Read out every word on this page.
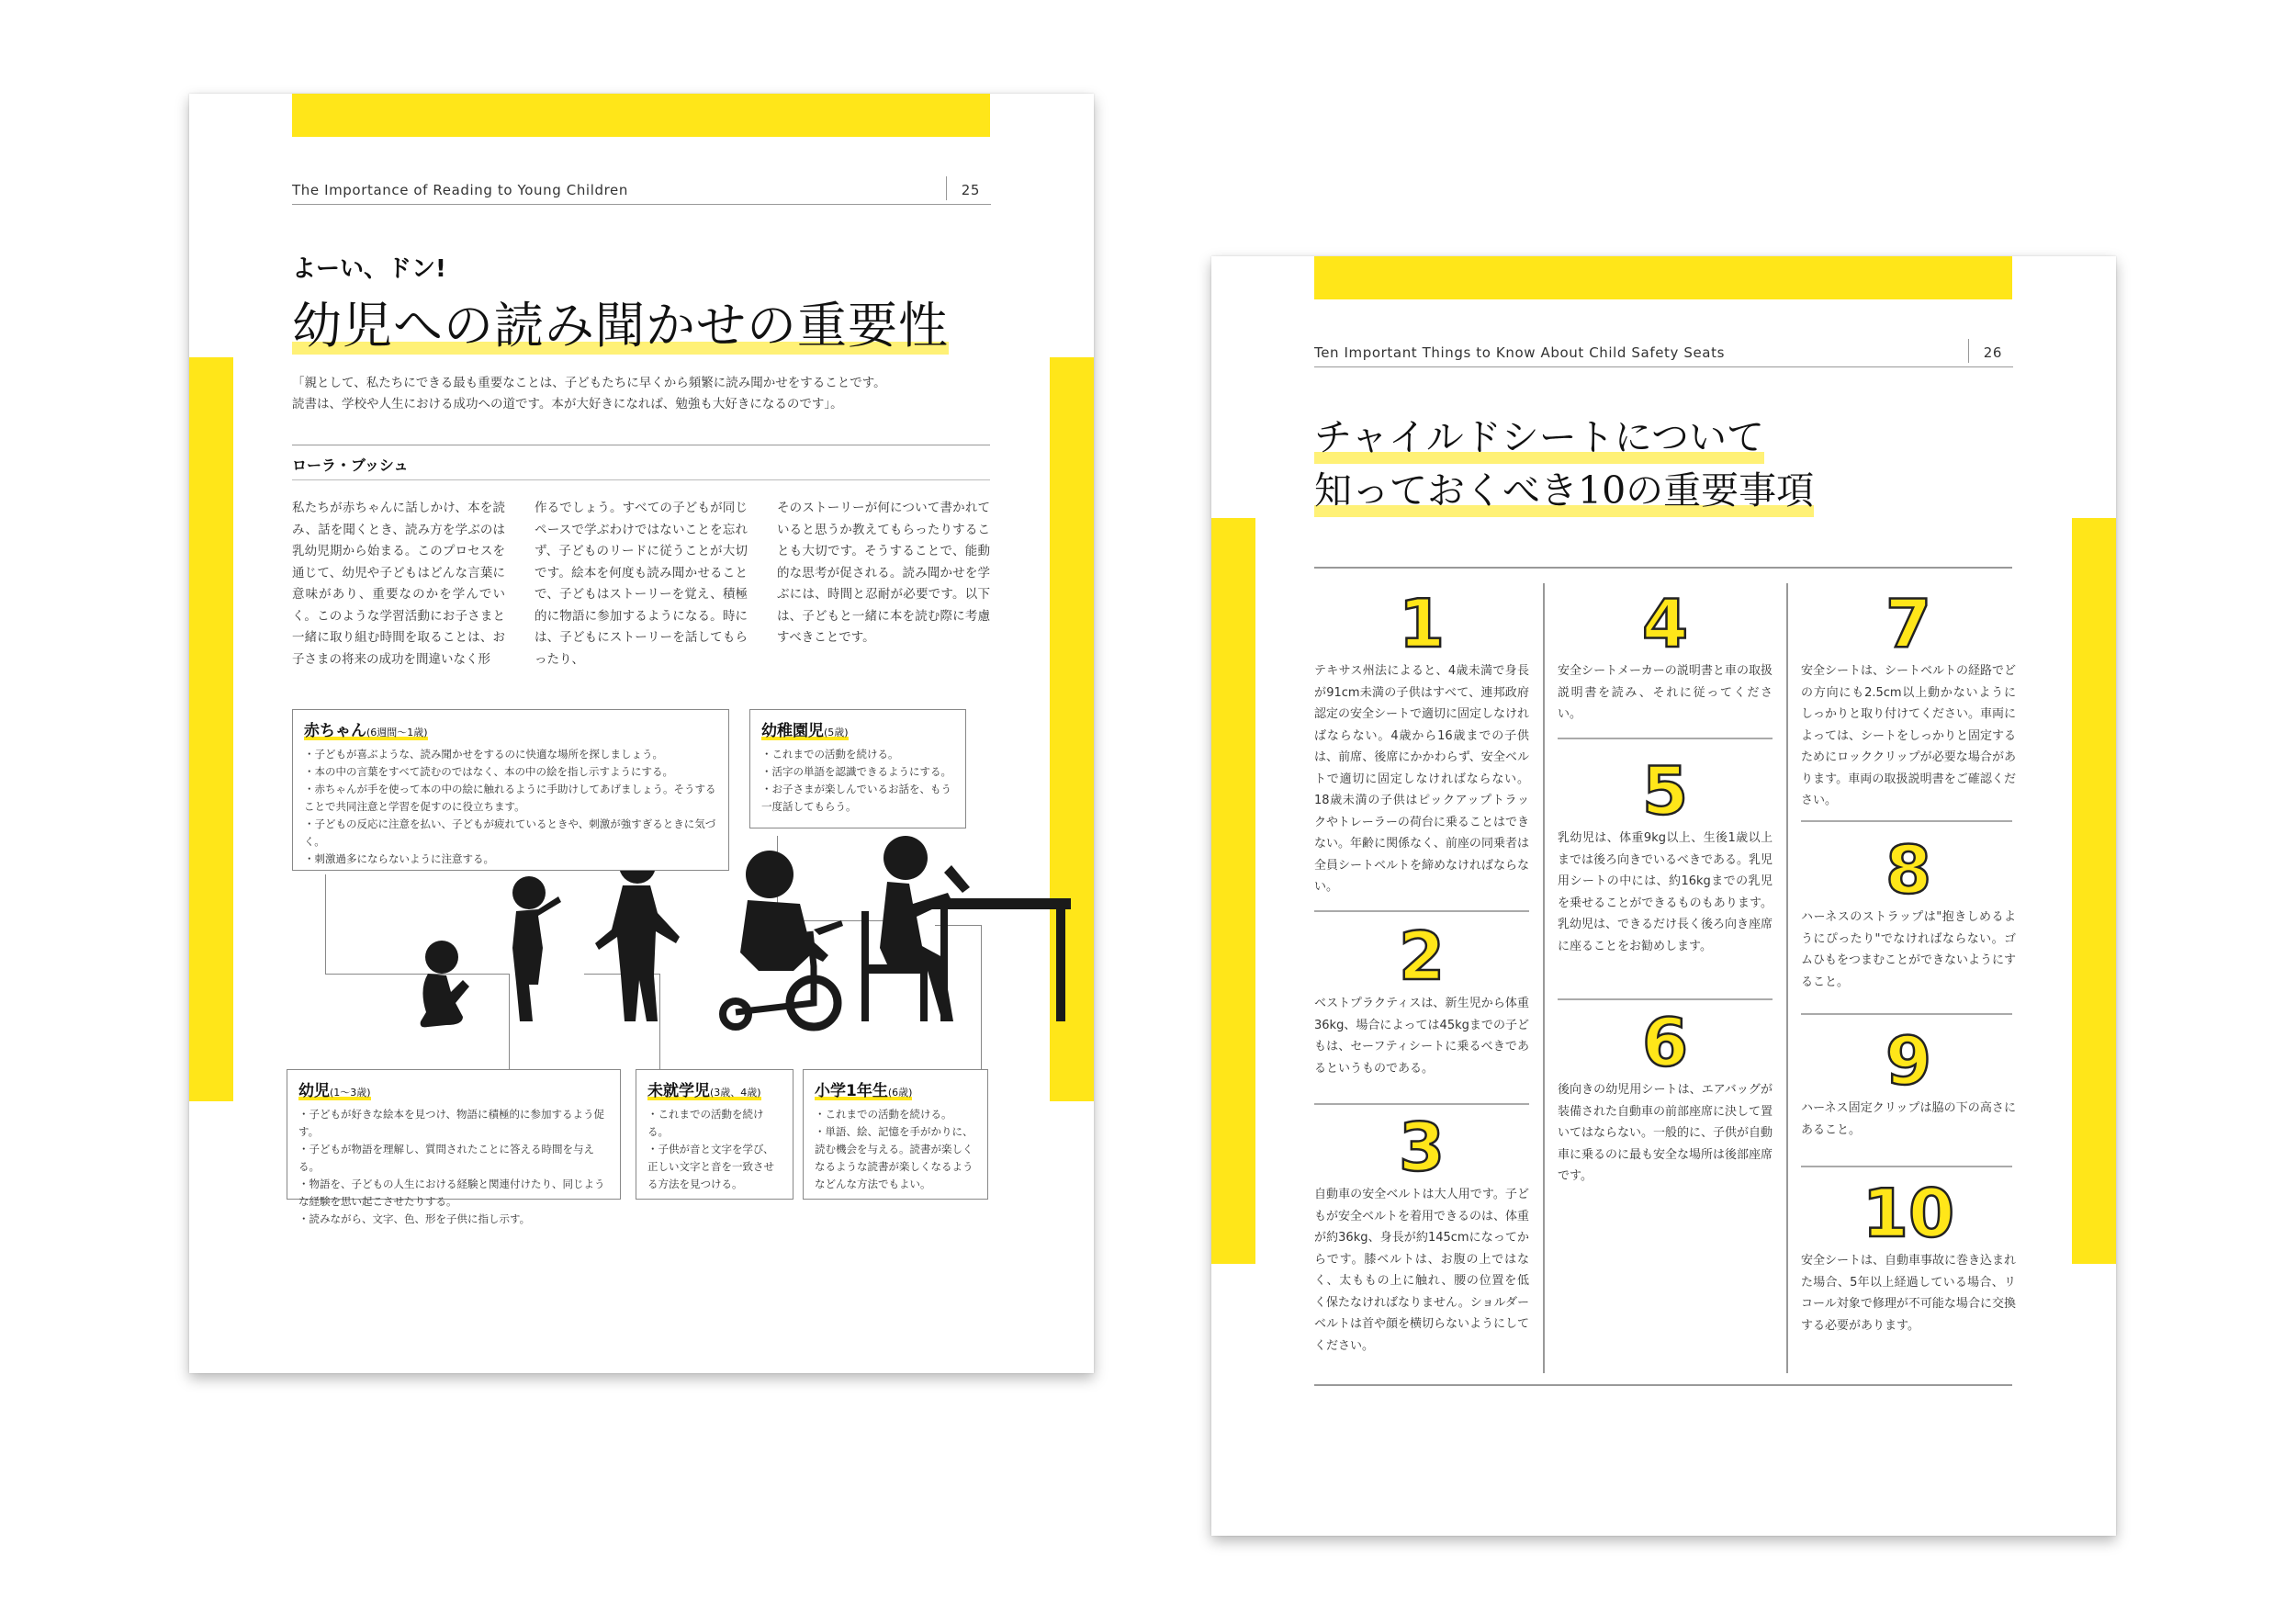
The Importance of Reading to Young Children	25
よーい、ドン!
幼児への読み聞かせの重要性
「親として、私たちにできる最も重要なことは、子どもたちに早くから頻繁に読み聞かせをすることです。
読書は、学校や人生における成功への道です。本が大好きになれば、勉強も大好きになるのです」。
ローラ・ブッシュ
私たちが赤ちゃんに話しかけ、本を読み、話を聞くとき、読み方を学ぶのは乳幼児期から始まる。このプロセスを通じて、幼児や子どもはどんな言葉に意味があり、重要なのかを学んでいく。このような学習活動にお子さまと一緒に取り組む時間を取ることは、お子さまの将来の成功を間違いなく形
作るでしょう。すべての子どもが同じペースで学ぶわけではないことを忘れず、子どものリードに従うことが大切です。絵本を何度も読み聞かせることで、子どもはストーリーを覚え、積極的に物語に参加するようになる。時には、子どもにストーリーを話してもらったり、
そのストーリーが何について書かれていると思うか教えてもらったりすることも大切です。そうすることで、能動的な思考が促される。読み聞かせを学ぶには、時間と忍耐が必要です。以下は、子どもと一緒に本を読む際に考慮すべきことです。
赤ちゃん(6週間〜1歳)
・ 子どもが喜ぶような、読み聞かせをするのに快適な場所を探しましょう。
・ 本の中の言葉をすべて読むのではなく、本の中の絵を指し示すようにする。
・ 赤ちゃんが手を使って本の中の絵に触れるように手助けしてあげましょう。そうすることで共同注意と学習を促すのに役立ちます。
・ 子どもの反応に注意を払い、子どもが疲れているときや、刺激が強すぎるときに気づく。
・ 刺激過多にならないように注意する。
幼稚園児(5歳)
・ これまでの活動を続ける。
・ 活字の単語を認識できるようにする。
・ お子さまが楽しんでいるお話を、もう一度話してもらう。
幼児(1〜3歳)
・ 子どもが好きな絵本を見つけ、物語に積極的に参加するよう促す。
・ 子どもが物語を理解し、質問されたことに答える時間を与える。
・ 物語を、子どもの人生における経験と関連付けたり、同じような経験を思い起こさせたりする。
・ 読みながら、文字、色、形を子供に指し示す。
未就学児(3歳、4歳)
・ これまでの活動を続ける。
・ 子供が音と文字を学び、正しい文字と音を一致させる方法を見つける。
小学1年生(6歳)
・ これまでの活動を続ける。
・ 単語、絵、記憶を手がかりに、読む機会を与える。読書が楽しくなるような読書が楽しくなるようなどんな方法でもよい。
Ten Important Things to Know About Child Safety Seats	26
チャイルドシートについて
知っておくべき10の重要事項
1
テキサス州法によると、4歳未満で身長が91cm未満の子供はすべて、連邦政府認定の安全シートで適切に固定しなければならない。4歳から16歳までの子供は、前席、後席にかかわらず、安全ベルトで適切に固定しなければならない。18歳未満の子供はピックアップトラックやトレーラーの荷台に乗ることはできない。年齢に関係なく、前座の同乗者は全員シートベルトを締めなければならない。
2
ベストプラクティスは、新生児から体重36kg、場合によっては45kgまでの子どもは、セーフティシートに乗るべきであるというものである。
3
自動車の安全ベルトは大人用です。子どもが安全ベルトを着用できるのは、体重が約36kg、身長が約145cmになってからです。膝ベルトは、お腹の上ではなく、太ももの上に触れ、腰の位置を低く保たなければなりません。ショルダーベルトは首や顔を横切らないようにしてください。
4
安全シートメーカーの説明書と車の取扱説明書を読み、それに従ってください。
5
乳幼児は、体重9kg以上、生後1歳以上までは後ろ向きでいるべきである。乳児用シートの中には、約16kgまでの乳児を乗せることができるものもあります。乳幼児は、できるだけ長く後ろ向き座席に座ることをお勧めします。
6
後向きの幼児用シートは、エアバッグが装備された自動車の前部座席に決して置いてはならない。一般的に、子供が自動車に乗るのに最も安全な場所は後部座席です。
7
安全シートは、シートベルトの経路でどの方向にも2.5cm以上動かないようにしっかりと取り付けてください。車両によっては、シートをしっかりと固定するためにロッククリップが必要な場合があります。車両の取扱説明書をご確認ください。
8
ハーネスのストラップは"抱きしめるようにぴったり"でなければならない。ゴムひもをつまむことができないようにすること。
9
ハーネス固定クリップは脇の下の高さにあること。
10
安全シートは、自動車事故に巻き込まれた場合、5年以上経過している場合、リコール対象で修理が不可能な場合に交換する必要があります。
